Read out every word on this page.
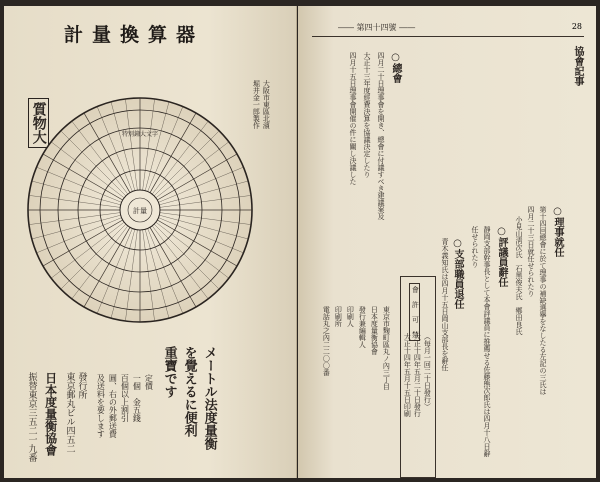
計量換算器
質物大	大阪市東區北濱
堀井金一郎製作
計量
特別鐘大文字
メートル法度量衡
を覺えるに便利
重寶です
定價
一個　金五錢
百個以上割引
圓、右の外郵送費
及送料を要します
發行所
東京郵丸ビル四五二
日本度量衡協會
振替東京三五二一九番
―― 第四十四號 ――	28
協會記事
○理事就任
第十四回總會に於て理事の補缺選擧をなしたる左記の三氏は
四月二十三日就任せられたり
小見山淸次氏　石黑俊夫氏　鄕田良氏
○評議員辭任
靜岡支部幹事長として本會評議員に推薦せる佐藤熊次郎氏は四月十八日辭
任せられたり
○支部職員退任
青木義知氏は四月十五日岡山支部長を辭任
○總會
四月二十日理事會を開き、總會に付議すべき建議案及
大正十三年度經費決算を協議決定したり
四月十五日理事會開催の件に關し決議した
會 許 可 禁
大正十四年五月十五日印刷 大正十四年五月二十日發行 （每月一回二十日發行）
東京市麴町區丸ノ內三丁目
日本度量衡協會
發行兼編輯人
印刷人
印刷所
電話丸之內二二〇〇番
